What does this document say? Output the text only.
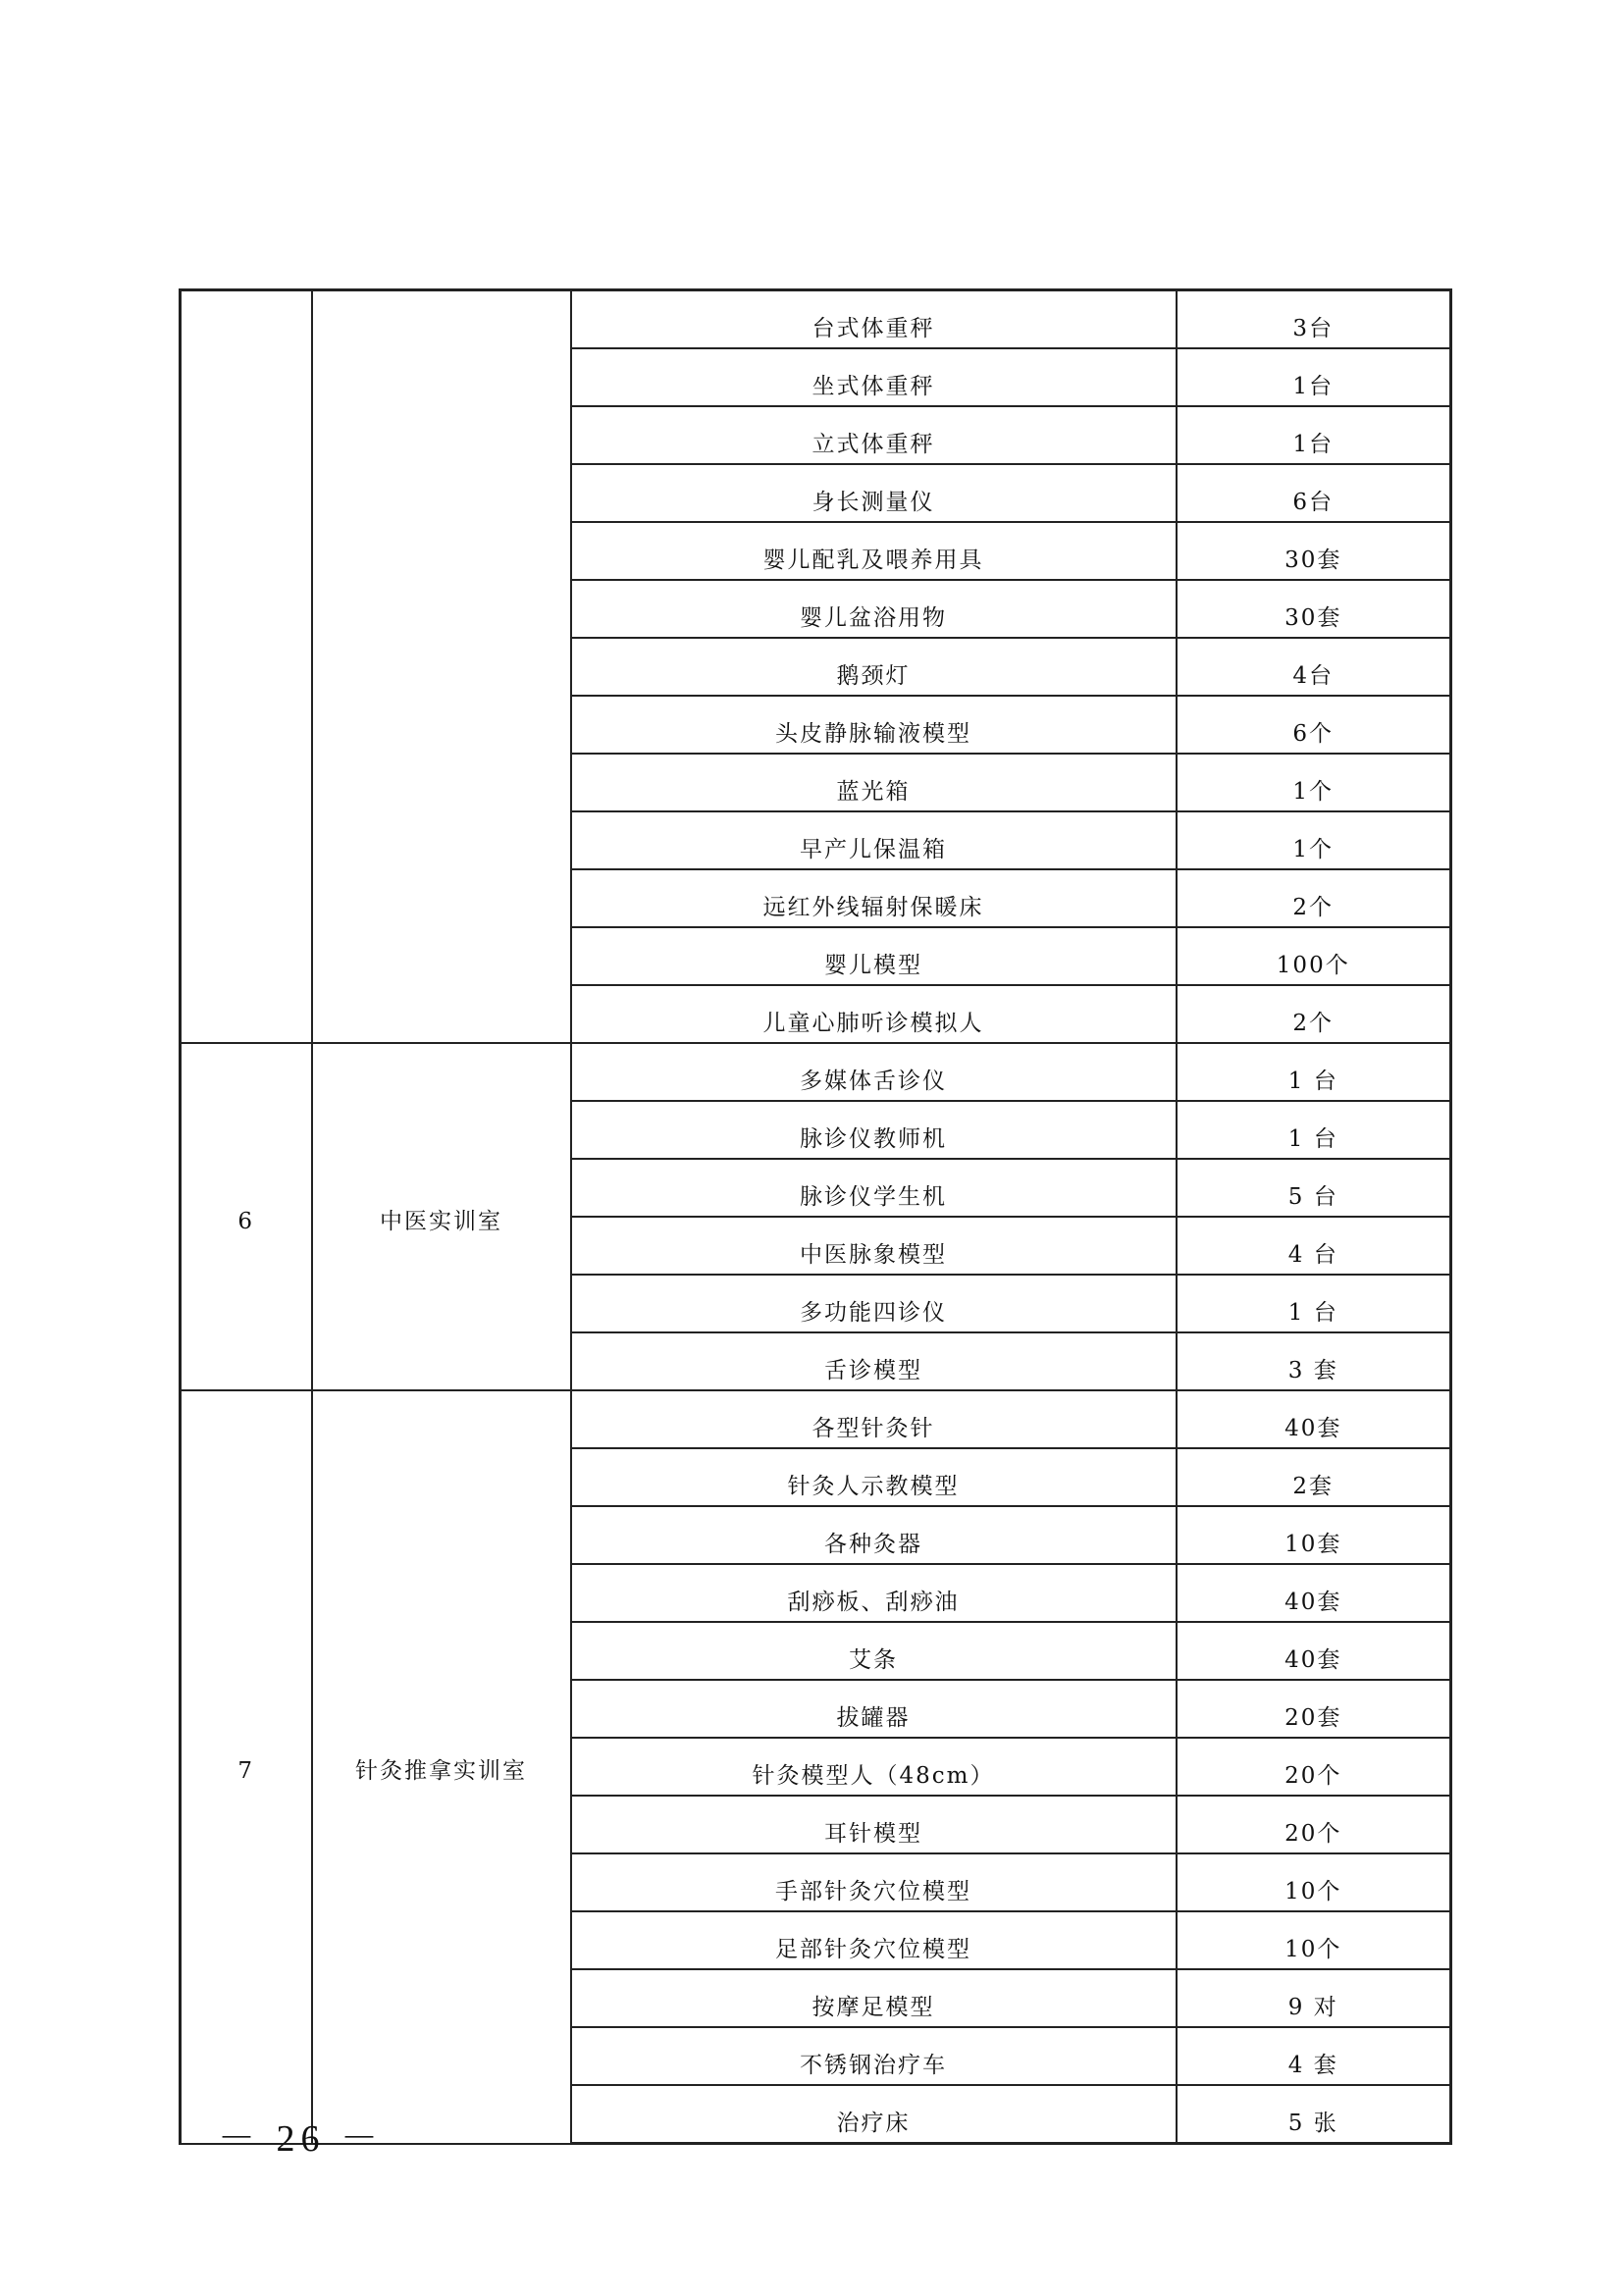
		台式体重秤	3台
		坐式体重秤	1台
		立式体重秤	1台
		身长测量仪	6台
		婴儿配乳及喂养用具	30套
		婴儿盆浴用物	30套
		鹅颈灯	4台
		头皮静脉输液模型	6个
		蓝光箱	1个
		早产儿保温箱	1个
		远红外线辐射保暖床	2个
		婴儿模型	100个
		儿童心肺听诊模拟人	2个
6	中医实训室	多媒体舌诊仪	1 台
		脉诊仪教师机	1 台
		脉诊仪学生机	5 台
		中医脉象模型	4 台
		多功能四诊仪	1 台
		舌诊模型	3 套
7	针灸推拿实训室	各型针灸针	40套
		针灸人示教模型	2套
		各种灸器	10套
		刮痧板、刮痧油	40套
		艾条	40套
		拔罐器	20套
		针灸模型人（48cm）	20个
		耳针模型	20个
		手部针灸穴位模型	10个
		足部针灸穴位模型	10个
		按摩足模型	9 对
		不锈钢治疗车	4 套
		治疗床	5 张
－ 26 －
